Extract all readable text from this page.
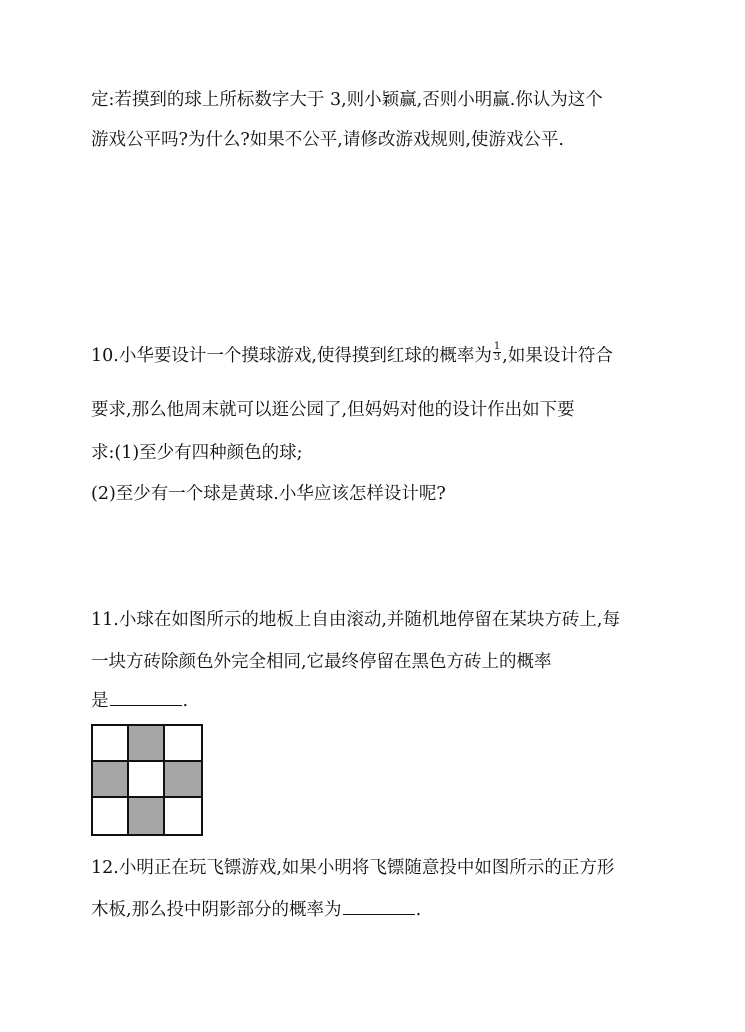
定:若摸到的球上所标数字大于 3,则小颖赢,否则小明赢.你认为这个
游戏公平吗?为什么?如果不公平,请修改游戏规则,使游戏公平.
10.小华要设计一个摸球游戏,使得摸到红球的概率为 $\frac{1}{3}$ ,如果设计符合
要求,那么他周末就可以逛公园了,但妈妈对他的设计作出如下要
求:(1)至少有四种颜色的球;
(2)至少有一个球是黄球.小华应该怎样设计呢?
11.小球在如图所示的地板上自由滚动,并随机地停留在某块方砖上,每
一块方砖除颜色外完全相同,它最终停留在黑色方砖上的概率
是	.
12.小明正在玩飞镖游戏,如果小明将飞镖随意投中如图所示的正方形
木板,那么投中阴影部分的概率为	.
